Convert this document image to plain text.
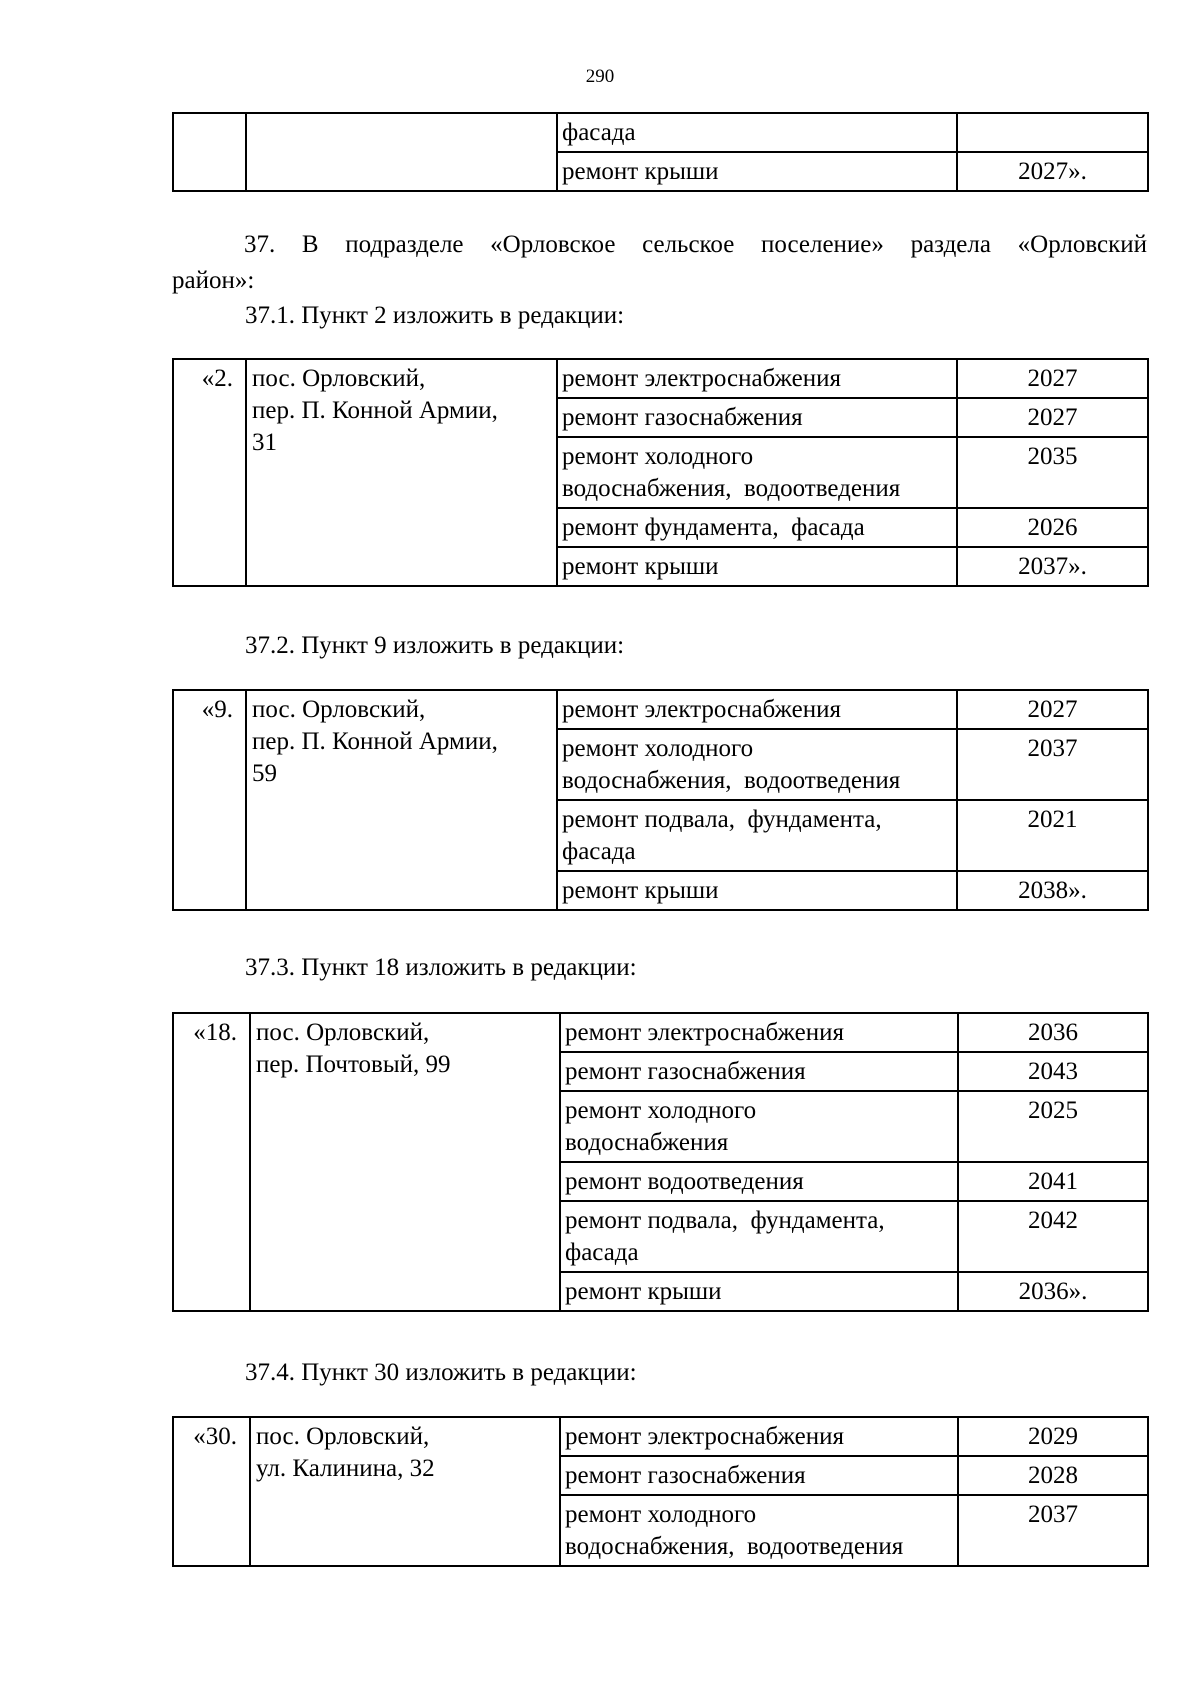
290
		фасада	
		ремонт крыши	2027».
37. В подразделе «Орловское сельское поселение» раздела «Орловский
район»:
37.1. Пункт 2 изложить в редакции:
«2.	пос. Орловский,
пер. П. Конной Армии,
31	ремонт электроснабжения	2027

		ремонт газоснабжения	2027

		ремонт холодного
водоснабжения,  водоотведения	2035

		ремонт фундамента,  фасада	2026

		ремонт крыши	2037».
37.2. Пункт 9 изложить в редакции:
«9.	пос. Орловский,
пер. П. Конной Армии,
59	ремонт электроснабжения	2027

		ремонт холодного
водоснабжения,  водоотведения	2037

		ремонт подвала,  фундамента,
фасада	2021

		ремонт крыши	2038».
37.3. Пункт 18 изложить в редакции:
«18.	пос. Орловский,
пер. Почтовый, 99	ремонт электроснабжения	2036

		ремонт газоснабжения	2043

		ремонт холодного
водоснабжения	2025

		ремонт водоотведения	2041

		ремонт подвала,  фундамента,
фасада	2042

		ремонт крыши	2036».
37.4. Пункт 30 изложить в редакции:
«30.	пос. Орловский,
ул. Калинина, 32	ремонт электроснабжения	2029

		ремонт газоснабжения	2028

		ремонт холодного
водоснабжения,  водоотведения	2037
